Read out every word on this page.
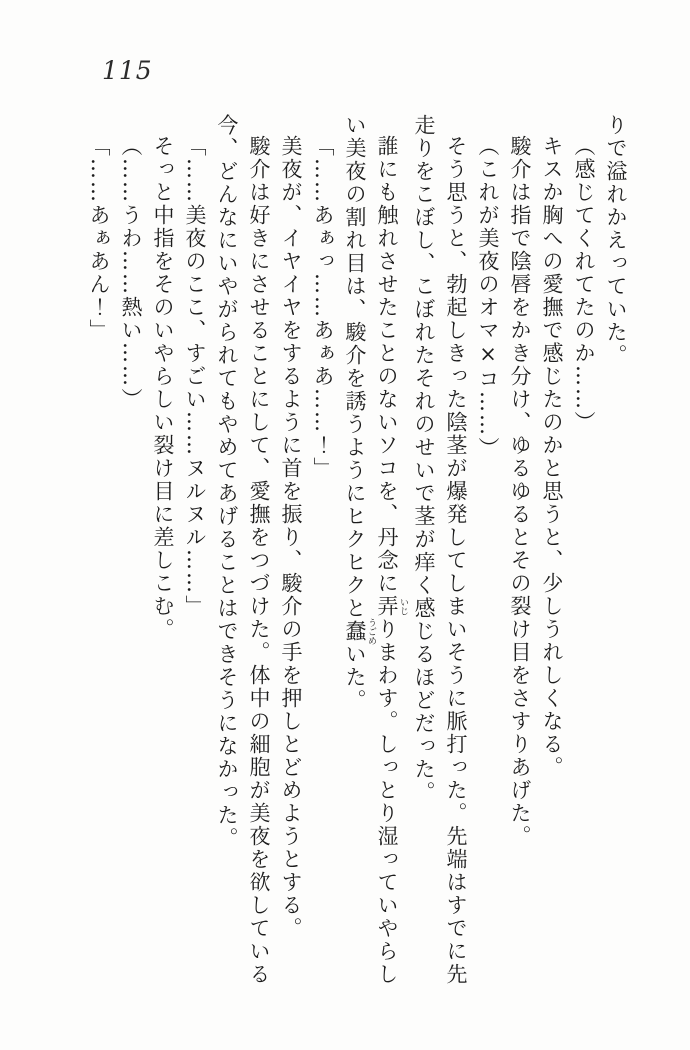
115

りで溢れかえっていた。

（感じてくれてたのか……）

キスか胸への愛撫で感じたのかと思うと、少しうれしくなる。

駿介は指で陰唇をかき分け、ゆるゆるとその裂け目をさすりあげた。

（これが美夜のオマ×コ……）

そう思うと、勃起しきった陰茎が爆発してしまいそうに脈打った。先端はすでに先走りをこぼし、こぼれたそれのせいで茎が痒く感じるほどだった。

誰にも触れさせたことのないソコを、丹念に弄 いじりまわす。しっとり湿っていやらしい美夜の割れ目は、駿介を誘うようにヒクヒクと蠢 うごめいた。

「……あぁっ……あぁあ……！」

美夜が、イヤイヤをするように首を振り、駿介の手を押しとどめようとする。

駿介は好きにさせることにして、愛撫をつづけた。体中の細胞が美夜を欲している今、どんなにいやがられてもやめてあげることはできそうになかった。

「……美夜のここ、すごい……ヌルヌル……」

そっと中指をそのいやらしい裂け目に差しこむ。

（……うわ……熱い……）

「……あぁあん！」
